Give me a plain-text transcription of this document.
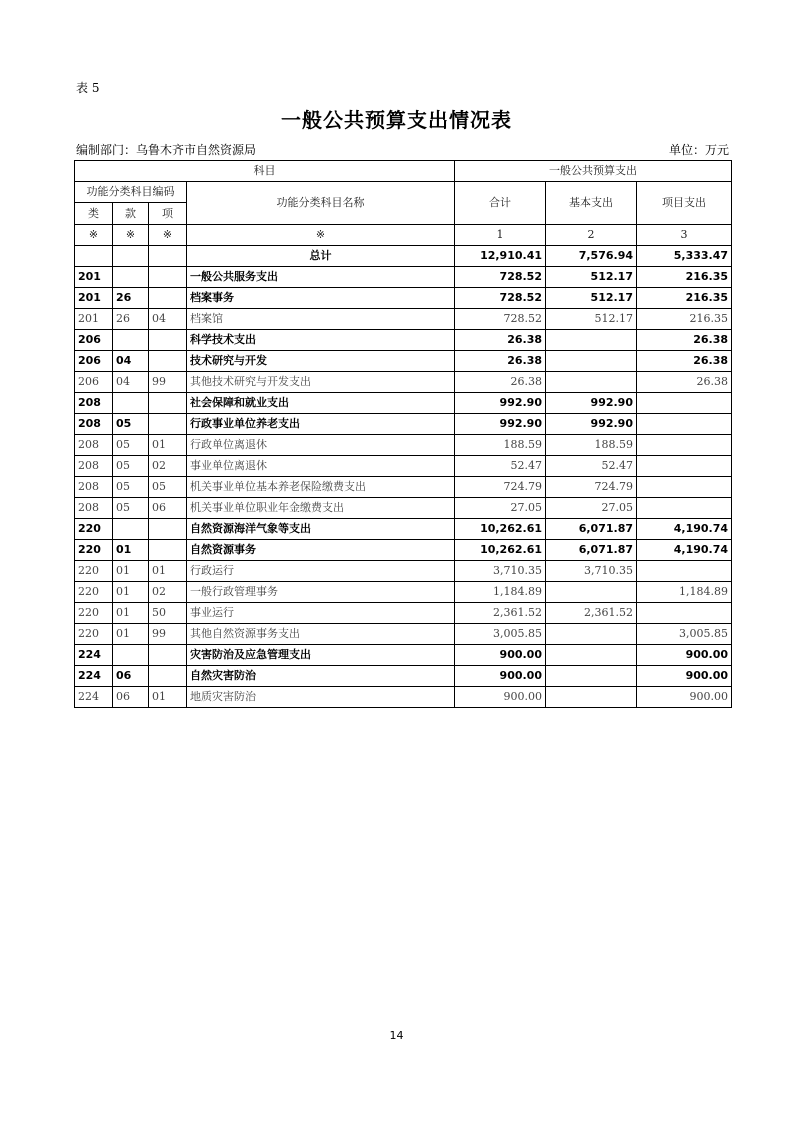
表 5
一般公共预算支出情况表
编制部门：乌鲁木齐市自然资源局	单位：万元
科目				一般公共预算支出		
功能分类科目编码			功能分类科目名称	合计	基本支出	项目支出
类	款	项				
※	※	※	※	1	2	3
			总计	12,910.41	7,576.94	5,333.47
201			一般公共服务支出	728.52	512.17	216.35
201	26		档案事务	728.52	512.17	216.35
201	26	04	档案馆	728.52	512.17	216.35
206			科学技术支出	26.38		26.38
206	04		技术研究与开发	26.38		26.38
206	04	99	其他技术研究与开发支出	26.38		26.38
208			社会保障和就业支出	992.90	992.90	
208	05		行政事业单位养老支出	992.90	992.90	
208	05	01	行政单位离退休	188.59	188.59	
208	05	02	事业单位离退休	52.47	52.47	
208	05	05	机关事业单位基本养老保险缴费支出	724.79	724.79	
208	05	06	机关事业单位职业年金缴费支出	27.05	27.05	
220			自然资源海洋气象等支出	10,262.61	6,071.87	4,190.74
220	01		自然资源事务	10,262.61	6,071.87	4,190.74
220	01	01	行政运行	3,710.35	3,710.35	
220	01	02	一般行政管理事务	1,184.89		1,184.89
220	01	50	事业运行	2,361.52	2,361.52	
220	01	99	其他自然资源事务支出	3,005.85		3,005.85
224			灾害防治及应急管理支出	900.00		900.00
224	06		自然灾害防治	900.00		900.00
224	06	01	地质灾害防治	900.00		900.00
14
